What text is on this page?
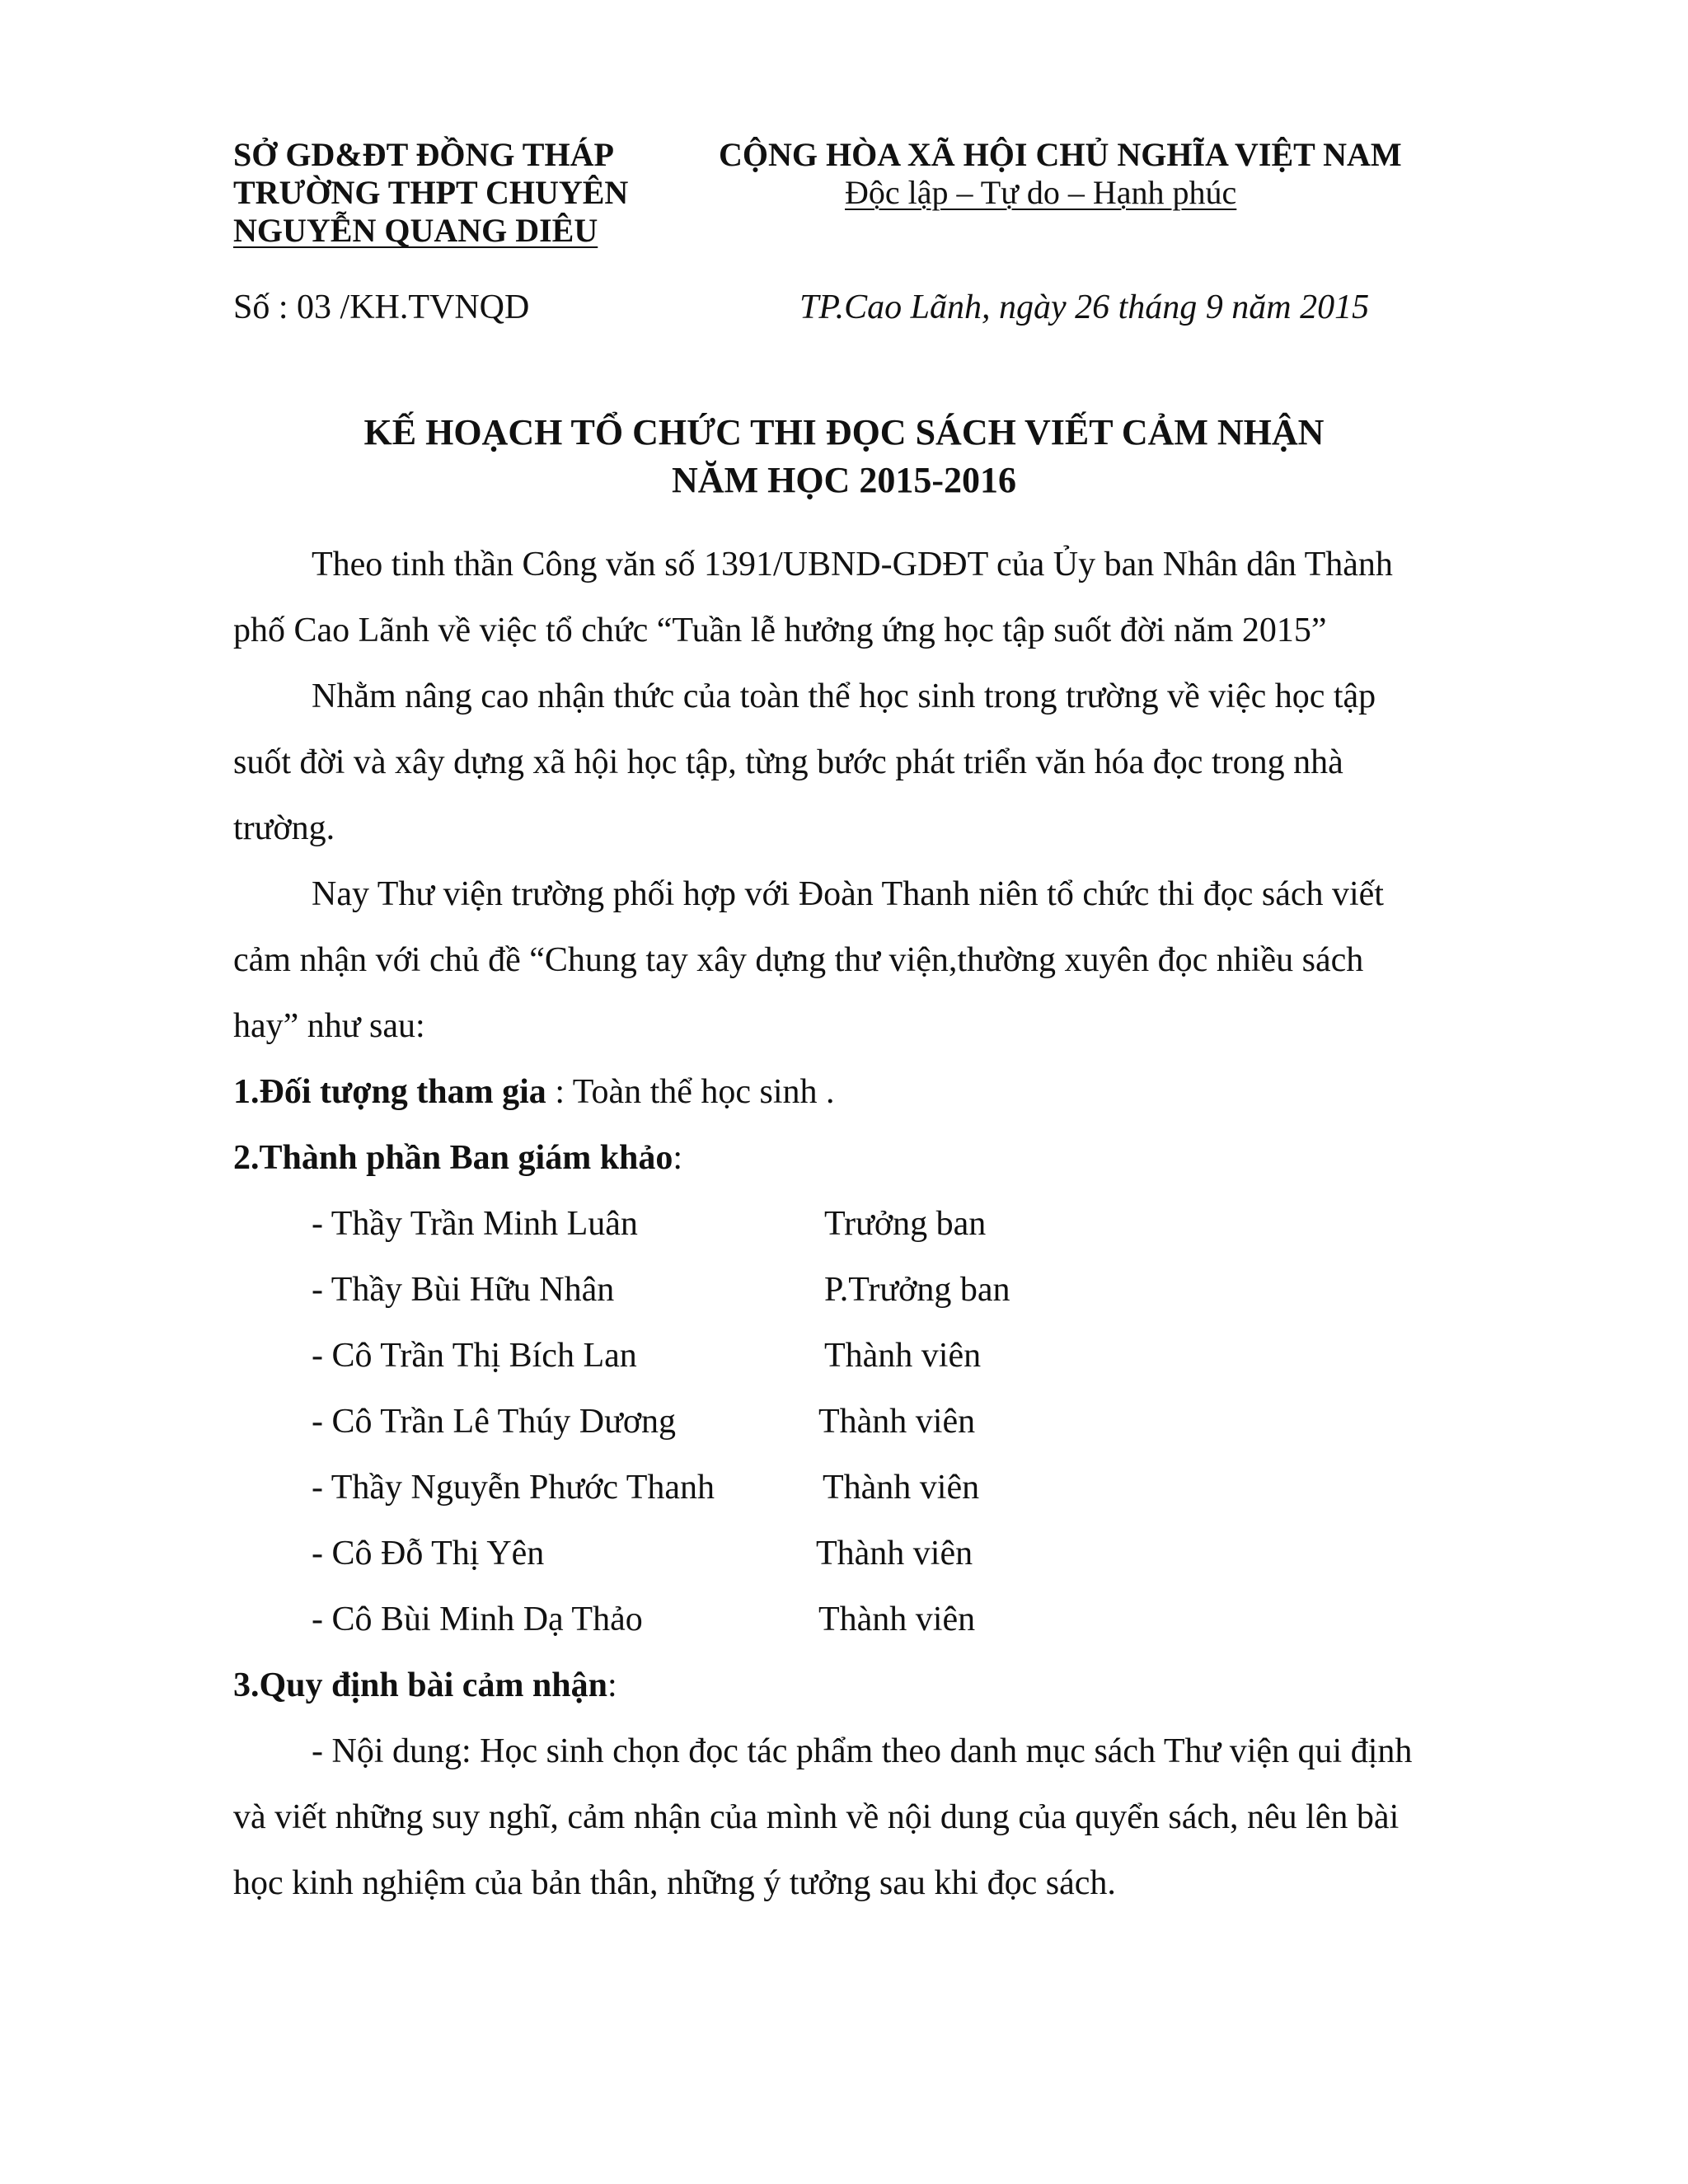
SỞ GD&ĐT ĐỒNG THÁP
TRƯỜNG THPT CHUYÊN
NGUYỄN QUANG DIÊU
CỘNG HÒA XÃ HỘI CHỦ NGHĨA VIỆT NAM
Độc lập – Tự do – Hạnh phúc
Số : 03 /KH.TVNQD	TP.Cao Lãnh, ngày 26 tháng 9 năm 2015
KẾ HOẠCH TỔ CHỨC THI ĐỌC SÁCH VIẾT CẢM NHẬN
NĂM HỌC 2015-2016
Theo tinh thần Công văn số 1391/UBND-GDĐT của Ủy ban Nhân dân Thành
phố Cao Lãnh về việc tổ chức “Tuần lễ hưởng ứng học tập suốt đời năm 2015”
Nhằm nâng cao nhận thức của toàn thể học sinh trong trường về việc học tập
suốt đời và xây dựng xã hội học tập, từng bước phát triển văn hóa đọc trong nhà
trường.
Nay Thư viện trường phối hợp với Đoàn Thanh niên tổ chức thi đọc sách viết
cảm nhận với chủ đề “Chung tay xây dựng thư viện,thường xuyên đọc nhiều sách
hay” như sau:
1.Đối tượng tham gia : Toàn thể học sinh .
2.Thành phần Ban giám khảo:
- Thầy Trần Minh Luân	Trưởng ban
- Thầy Bùi Hữu Nhân	P.Trưởng ban
- Cô Trần Thị Bích Lan	Thành viên
- Cô Trần Lê Thúy Dương	Thành viên
- Thầy Nguyễn Phước Thanh	Thành viên
- Cô Đỗ Thị Yên	Thành viên
- Cô Bùi Minh Dạ Thảo	Thành viên
3.Quy định bài cảm nhận:
- Nội dung: Học sinh chọn đọc tác phẩm theo danh mục sách Thư viện qui định
và viết những suy nghĩ, cảm nhận của mình về nội dung của quyển sách, nêu lên bài
học kinh nghiệm của bản thân, những ý tưởng sau khi đọc sách.
